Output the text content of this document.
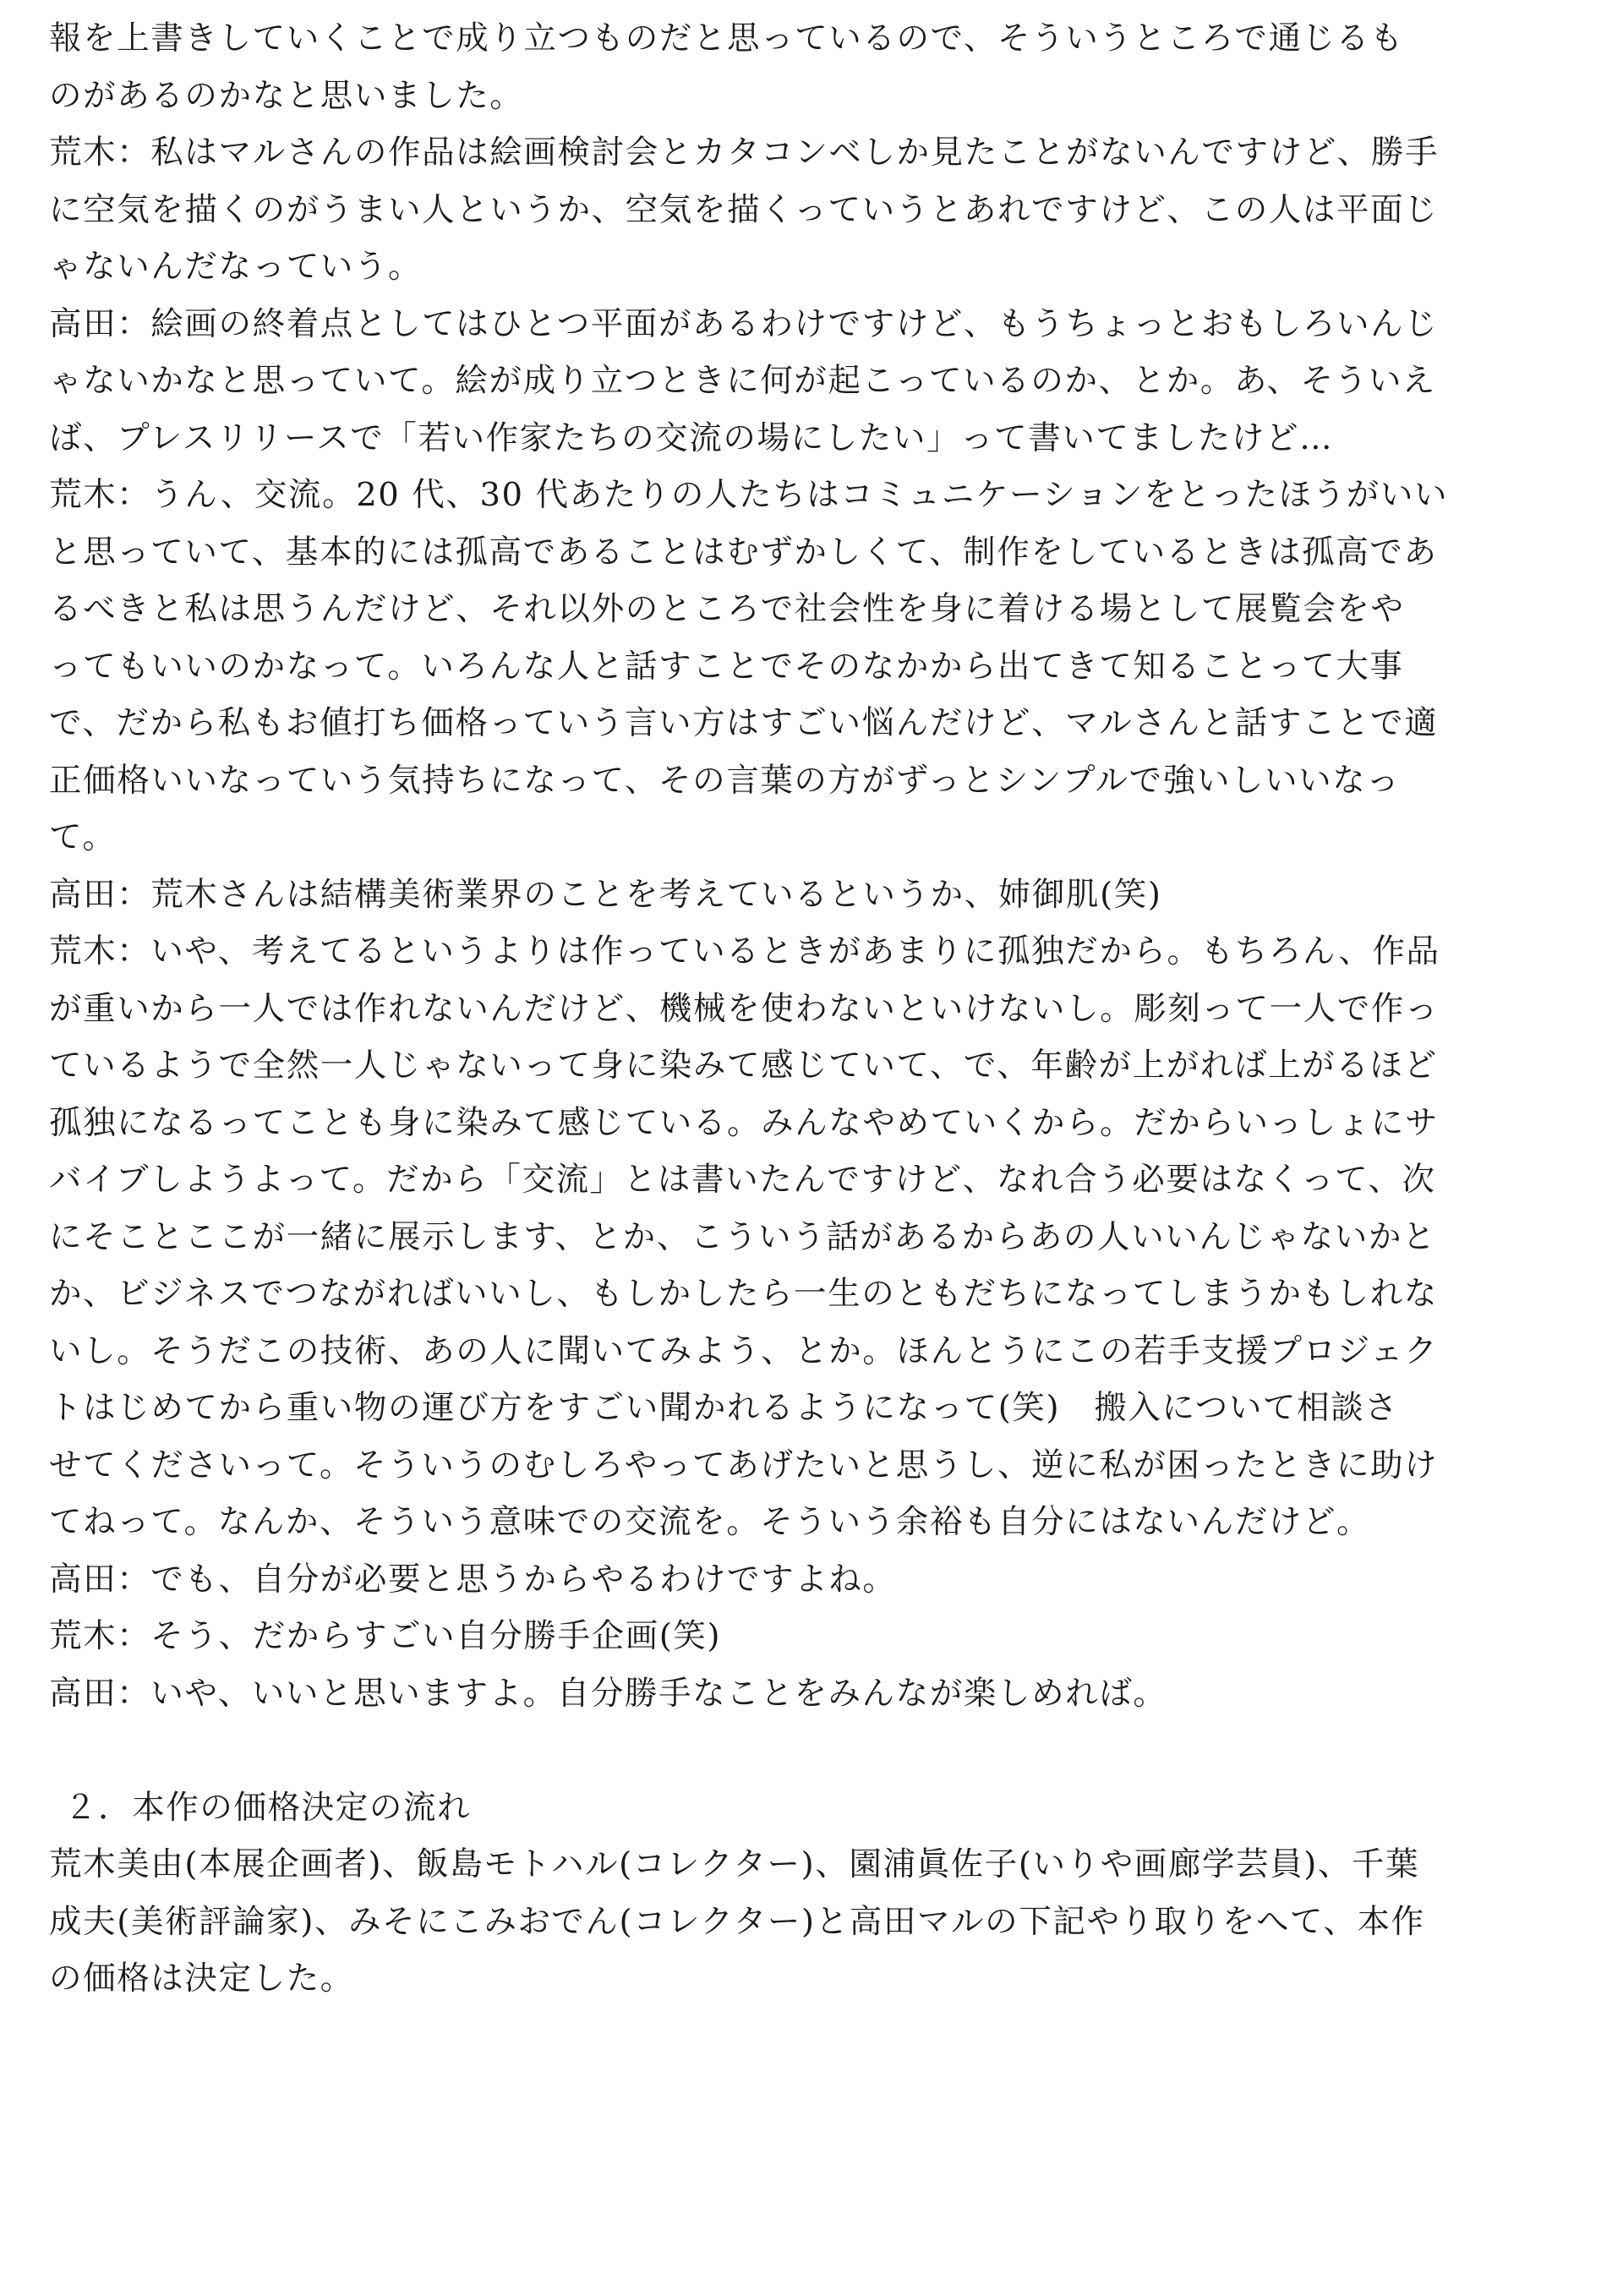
報を上書きしていくことで成り立つものだと思っているので、そういうところで通じるも
のがあるのかなと思いました。
荒木：私はマルさんの作品は絵画検討会とカタコンベしか見たことがないんですけど、勝手
に空気を描くのがうまい人というか、空気を描くっていうとあれですけど、この人は平面じ
ゃないんだなっていう。
高田：絵画の終着点としてはひとつ平面があるわけですけど、もうちょっとおもしろいんじ
ゃないかなと思っていて。絵が成り立つときに何が起こっているのか、とか。あ、そういえ
ば、プレスリリースで「若い作家たちの交流の場にしたい」って書いてましたけど…
荒木：うん、交流。20 代、30 代あたりの人たちはコミュニケーションをとったほうがいい
と思っていて、基本的には孤高であることはむずかしくて、制作をしているときは孤高であ
るべきと私は思うんだけど、それ以外のところで社会性を身に着ける場として展覧会をや
ってもいいのかなって。いろんな人と話すことでそのなかから出てきて知ることって大事
で、だから私もお値打ち価格っていう言い方はすごい悩んだけど、マルさんと話すことで適
正価格いいなっていう気持ちになって、その言葉の方がずっとシンプルで強いしいいなっ
て。
高田：荒木さんは結構美術業界のことを考えているというか、姉御肌(笑)
荒木：いや、考えてるというよりは作っているときがあまりに孤独だから。もちろん、作品
が重いから一人では作れないんだけど、機械を使わないといけないし。彫刻って一人で作っ
ているようで全然一人じゃないって身に染みて感じていて、で、年齢が上がれば上がるほど
孤独になるってことも身に染みて感じている。みんなやめていくから。だからいっしょにサ
バイブしようよって。だから「交流」とは書いたんですけど、なれ合う必要はなくって、次
にそことここが一緒に展示します、とか、こういう話があるからあの人いいんじゃないかと
か、ビジネスでつながればいいし、もしかしたら一生のともだちになってしまうかもしれな
いし。そうだこの技術、あの人に聞いてみよう、とか。ほんとうにこの若手支援プロジェク
トはじめてから重い物の運び方をすごい聞かれるようになって(笑)　搬入について相談さ
せてくださいって。そういうのむしろやってあげたいと思うし、逆に私が困ったときに助け
てねって。なんか、そういう意味での交流を。そういう余裕も自分にはないんだけど。
高田：でも、自分が必要と思うからやるわけですよね。
荒木：そう、だからすごい自分勝手企画(笑)
高田：いや、いいと思いますよ。自分勝手なことをみんなが楽しめれば。
２．本作の価格決定の流れ
荒木美由(本展企画者)、飯島モトハル(コレクター)、園浦眞佐子(いりや画廊学芸員)、千葉
成夫(美術評論家)、みそにこみおでん(コレクター)と高田マルの下記やり取りをへて、本作
の価格は決定した。
